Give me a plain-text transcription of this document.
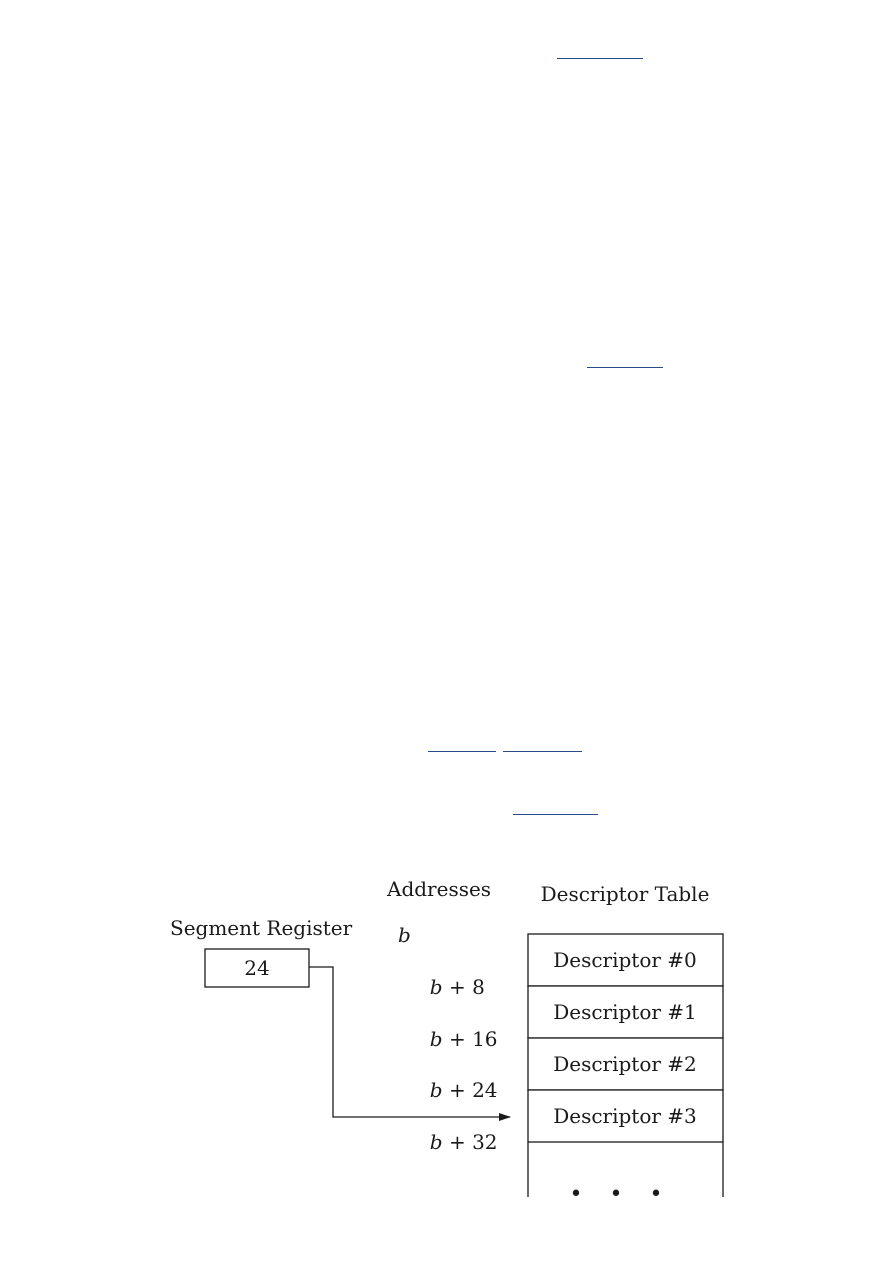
Segment Register
24
Addresses
b
b + 8
b + 16
b + 24
b + 32
Descriptor Table
Descriptor #0
Descriptor #1
Descriptor #2
Descriptor #3
• • •
